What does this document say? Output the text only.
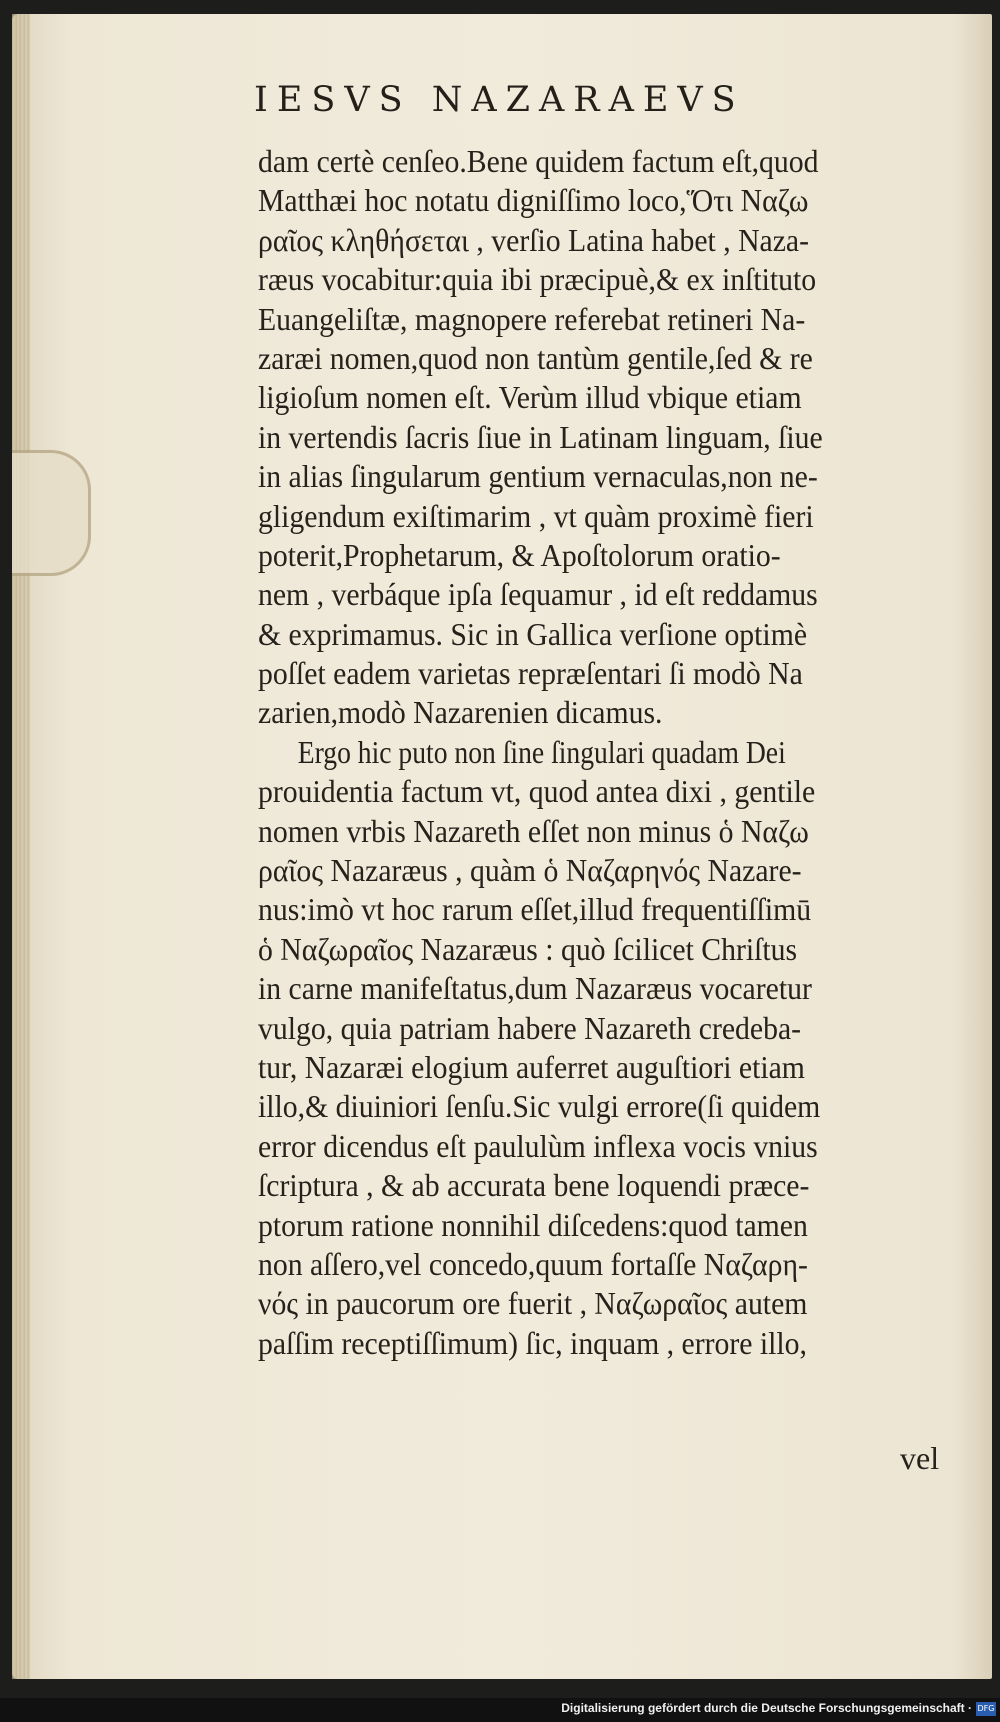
IESVS NAZARAEVS
dam certè cenſeo.Bene quidem factum eſt,quod
Matthæi hoc notatu digniſſimo loco,Ὅτι Ναζω
ραῖος κληθήσεται , verſio Latina habet , Naza-
ræus vocabitur:quia ibi præcipuè,& ex inſtituto
Euangeliſtæ, magnopere referebat retineri Na-
zaræi nomen,quod non tantùm gentile,ſed & re
ligioſum nomen eſt. Verùm illud vbique etiam
in vertendis ſacris ſiue in Latinam linguam, ſiue
in alias ſingularum gentium vernaculas,non ne-
gligendum exiſtimarim , vt quàm proximè fieri
poterit,Prophetarum, & Apoſtolorum oratio-
nem , verbáque ipſa ſequamur , id eſt reddamus
& exprimamus. Sic in Gallica verſione optimè
poſſet eadem varietas repræſentari ſi modò Na
zarien,modò Nazarenien dicamus.
Ergo hic puto non ſine ſingulari quadam Dei
prouidentia factum vt, quod antea dixi , gentile
nomen vrbis Nazareth eſſet non minus ὁ Ναζω
ραῖος Nazaræus , quàm ὁ Ναζαρηνός Nazare-
nus:imò vt hoc rarum eſſet,illud frequentiſſimū
ὁ Ναζωραῖος Nazaræus : quò ſcilicet Chriſtus
in carne manifeſtatus,dum Nazaræus vocaretur
vulgo, quia patriam habere Nazareth credeba-
tur, Nazaræi elogium auferret auguſtiori etiam
illo,& diuiniori ſenſu.Sic vulgi errore(ſi quidem
error dicendus eſt paululùm inflexa vocis vnius
ſcriptura , & ab accurata bene loquendi præce-
ptorum ratione nonnihil diſcedens:quod tamen
non aſſero,vel concedo,quum fortaſſe Ναζαρη-
νός in paucorum ore fuerit , Ναζωραῖος autem
paſſim receptiſſimum) ſic, inquam , errore illo,
vel
Digitalisierung gefördert durch die Deutsche Forschungsgemeinschaft · DFG
